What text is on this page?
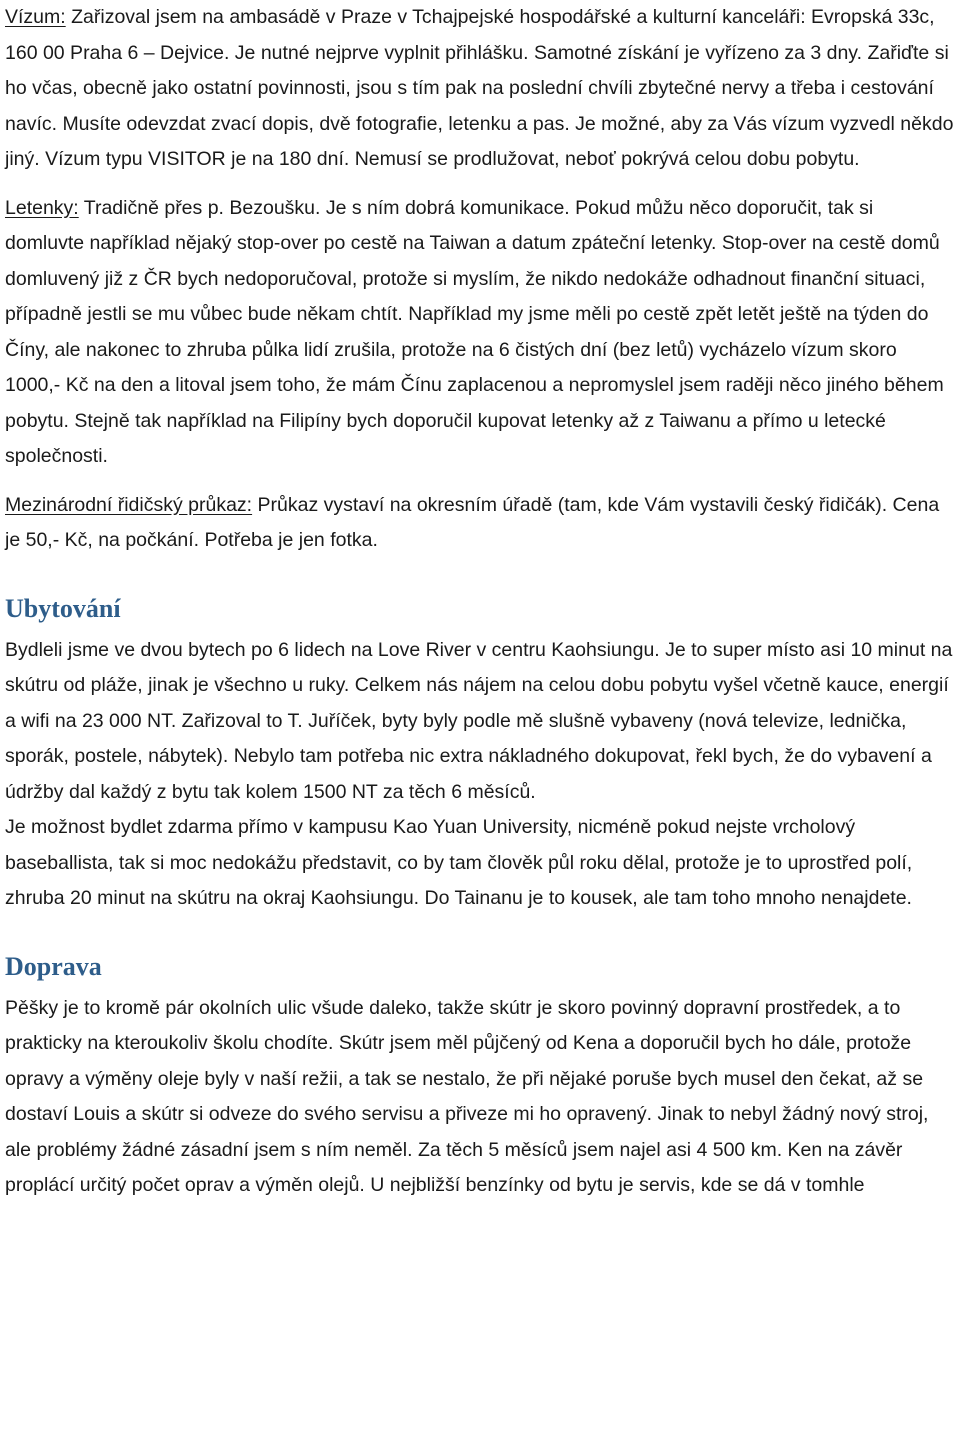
Vízum: Zařizoval jsem na ambasádě v Praze v Tchajpejské hospodářské a kulturní kanceláři: Evropská 33c, 160 00 Praha 6 – Dejvice. Je nutné nejprve vyplnit přihlášku. Samotné získání je vyřízeno za 3 dny. Zařiďte si ho včas, obecně jako ostatní povinnosti, jsou s tím pak na poslední chvíli zbytečné nervy a třeba i cestování navíc. Musíte odevzdat zvací dopis, dvě fotografie, letenku a pas. Je možné, aby za Vás vízum vyzvedl někdo jiný. Vízum typu VISITOR je na 180 dní. Nemusí se prodlužovat, neboť pokrývá celou dobu pobytu.

Letenky: Tradičně přes p. Bezoušku. Je s ním dobrá komunikace. Pokud můžu něco doporučit, tak si domluvte například nějaký stop-over po cestě na Taiwan a datum zpáteční letenky. Stop-over na cestě domů domluvený již z ČR bych nedoporučoval, protože si myslím, že nikdo nedokáže odhadnout finanční situaci, případně jestli se mu vůbec bude někam chtít. Například my jsme měli po cestě zpět letět ještě na týden do Číny, ale nakonec to zhruba půlka lidí zrušila, protože na 6 čistých dní (bez letů) vycházelo vízum skoro 1000,- Kč na den a litoval jsem toho, že mám Čínu zaplacenou a nepromyslel jsem raději něco jiného během pobytu. Stejně tak například na Filipíny bych doporučil kupovat letenky až z Taiwanu a přímo u letecké společnosti.

Mezinárodní řidičský průkaz: Průkaz vystaví na okresním úřadě (tam, kde Vám vystavili český řidičák). Cena je 50,- Kč, na počkání. Potřeba je jen fotka.

Ubytování

Bydleli jsme ve dvou bytech po 6 lidech na Love River v centru Kaohsiungu. Je to super místo asi 10 minut na skútru od pláže, jinak je všechno u ruky. Celkem nás nájem na celou dobu pobytu vyšel včetně kauce, energií a wifi na 23 000 NT. Zařizoval to T. Juříček, byty byly podle mě slušně vybaveny (nová televize, lednička, sporák, postele, nábytek). Nebylo tam potřeba nic extra nákladného dokupovat, řekl bych, že do vybavení a údržby dal každý z bytu tak kolem 1500 NT za těch 6 měsíců.

Je možnost bydlet zdarma přímo v kampusu Kao Yuan University, nicméně pokud nejste vrcholový baseballista, tak si moc nedokážu představit, co by tam člověk půl roku dělal, protože je to uprostřed polí, zhruba 20 minut na skútru na okraj Kaohsiungu. Do Tainanu je to kousek, ale tam toho mnoho nenajdete.

Doprava

Pěšky je to kromě pár okolních ulic všude daleko, takže skútr je skoro povinný dopravní prostředek, a to prakticky na kteroukoliv školu chodíte. Skútr jsem měl půjčený od Kena a doporučil bych ho dále, protože opravy a výměny oleje byly v naší režii, a tak se nestalo, že při nějaké poruše bych musel den čekat, až se dostaví Louis a skútr si odveze do svého servisu a přiveze mi ho opravený. Jinak to nebyl žádný nový stroj, ale problémy žádné zásadní jsem s ním neměl. Za těch 5 měsíců jsem najel asi 4 500 km. Ken na závěr proplácí určitý počet oprav a výměn olejů. U nejbližší benzínky od bytu je servis, kde se dá v tomhle
